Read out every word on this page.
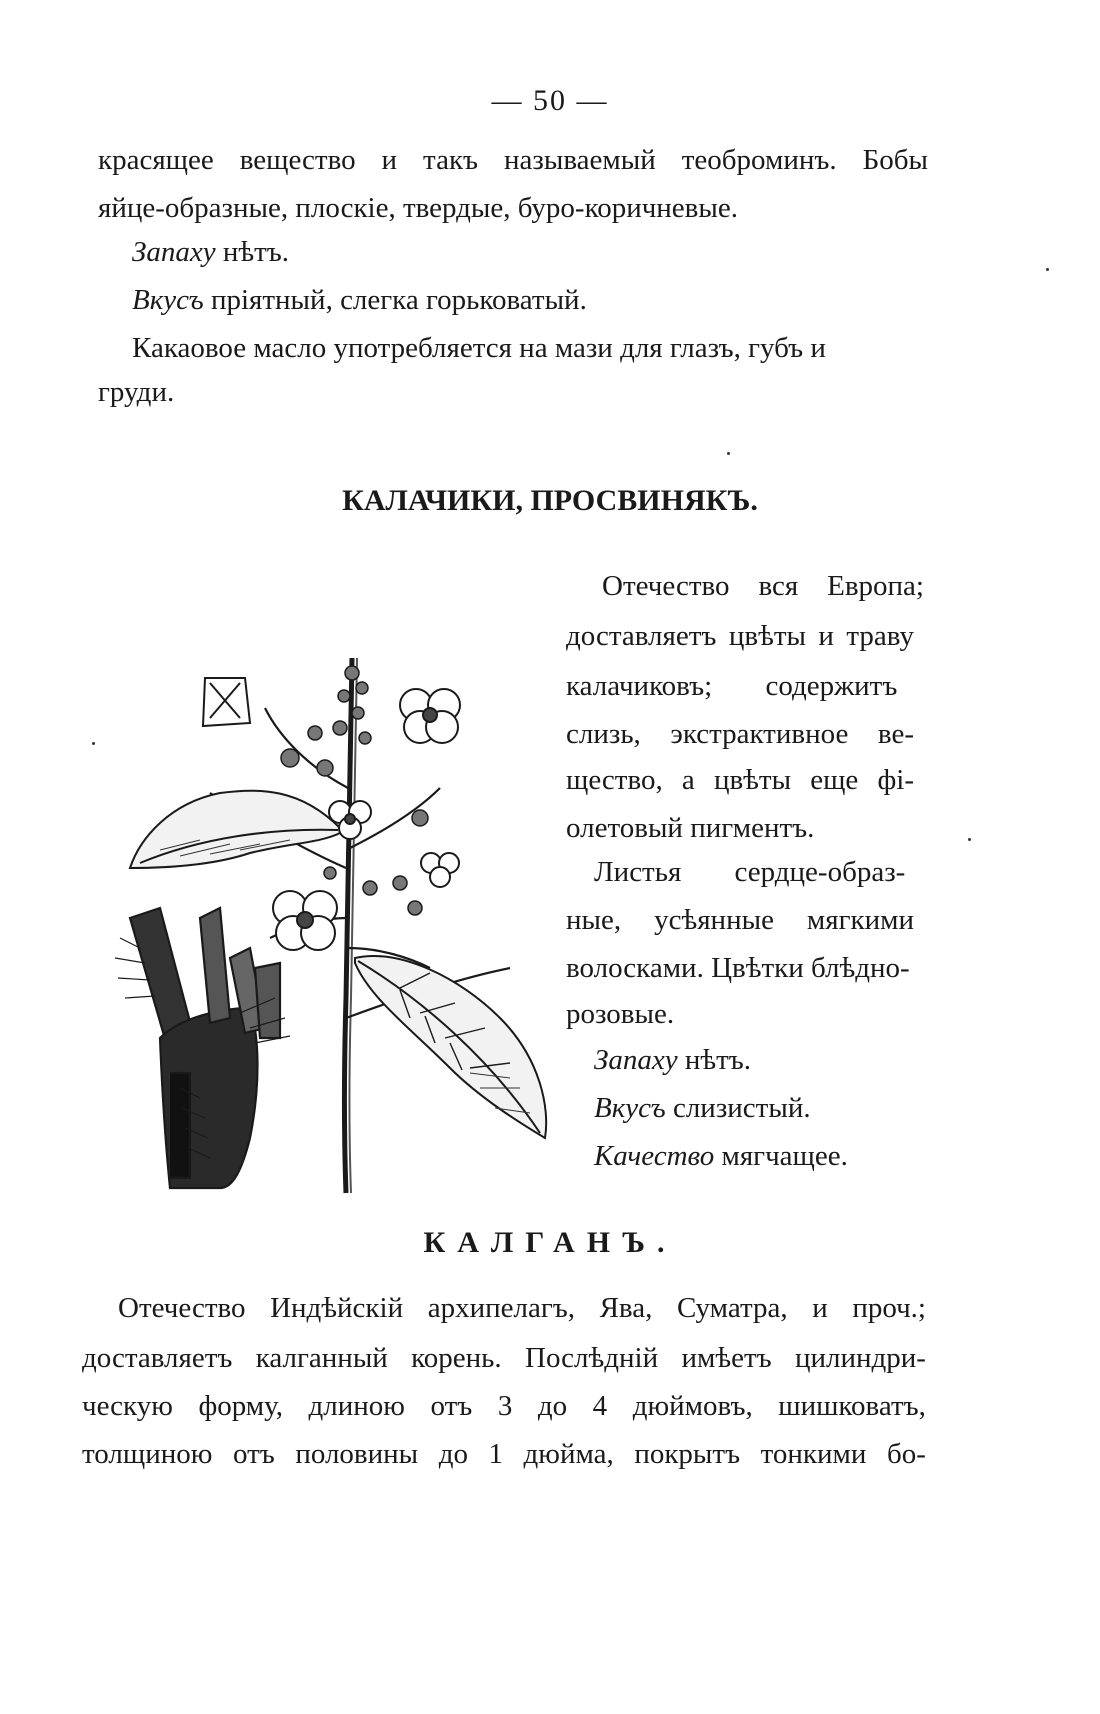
— 50 —
красящее вещество и такъ называемый теоброминъ. Бобы
яйце-образные, плоскіе, твердые, буро-коричневые.
Запаху нѣтъ.
Вкусъ пріятный, слегка горьковатый.
Какаовое масло употребляется на мази для глазъ, губъ и
груди.
КАЛАЧИКИ, ПРОСВИНЯКЪ.
Отечество вся Европа;
доставляетъ цвѣты и траву
калачиковъ; содержитъ
слизь, экстрактивное ве-
щество, а цвѣты еще фі-
олетовый пигментъ.
Листья сердце-образ-
ные, усѣянные мягкими
волосками. Цвѣтки блѣдно-
розовые.
Запаху нѣтъ.
Вкусъ слизистый.
Качество мягчащее.
КАЛГАНЪ.
Отечество Индѣйскій архипелагъ, Ява, Суматра, и проч.;
доставляетъ калганный корень. Послѣдній имѣетъ цилиндри-
ческую форму, длиною отъ 3 до 4 дюймовъ, шишковатъ,
толщиною отъ половины до 1 дюйма, покрытъ тонкими бо-
